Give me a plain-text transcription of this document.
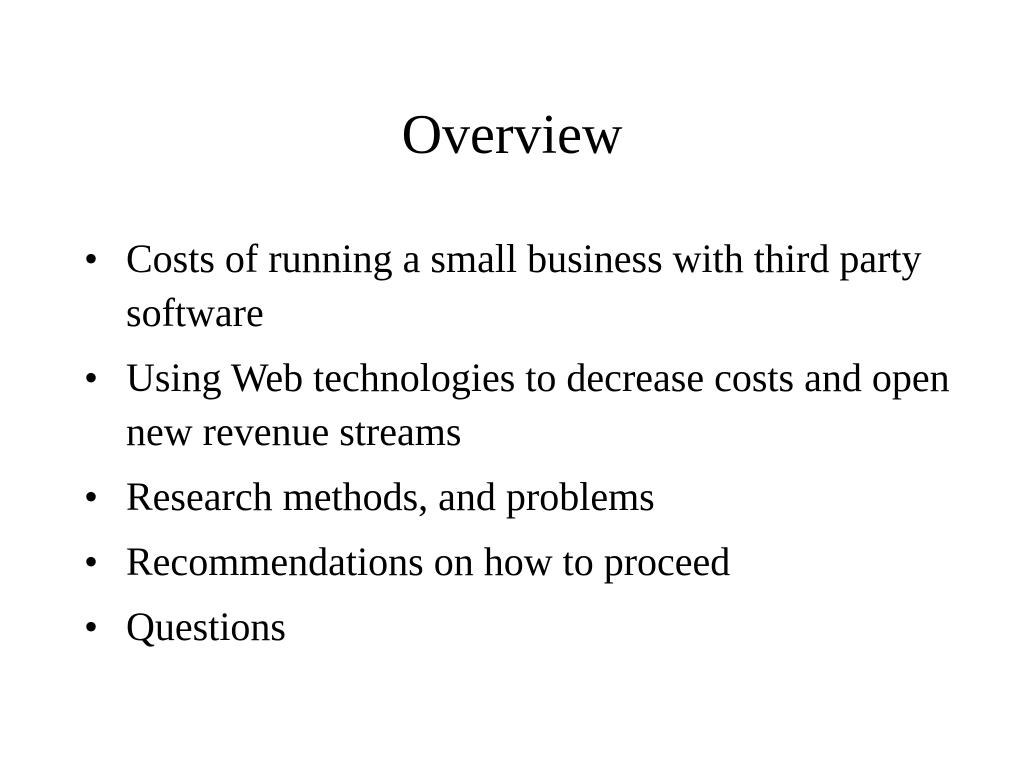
Overview
• Costs of running a small business with third party software
• Using Web technologies to decrease costs and open new revenue streams
• Research methods, and problems
• Recommendations on how to proceed
• Questions
